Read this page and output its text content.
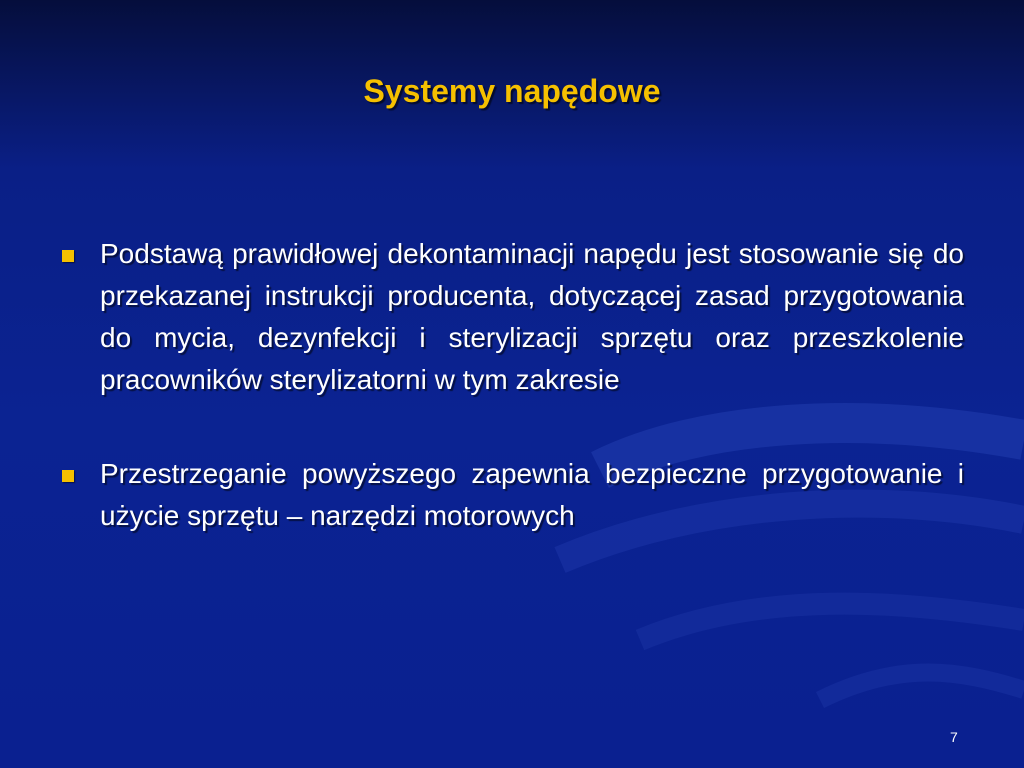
Systemy napędowe
Podstawą prawidłowej dekontaminacji napędu jest stosowanie się do przekazanej instrukcji producenta, dotyczącej zasad przygotowania do mycia, dezynfekcji i sterylizacji sprzętu oraz przeszkolenie pracowników sterylizatorni w tym zakresie
Przestrzeganie powyższego zapewnia bezpieczne przygotowanie i użycie sprzętu – narzędzi motorowych
7
